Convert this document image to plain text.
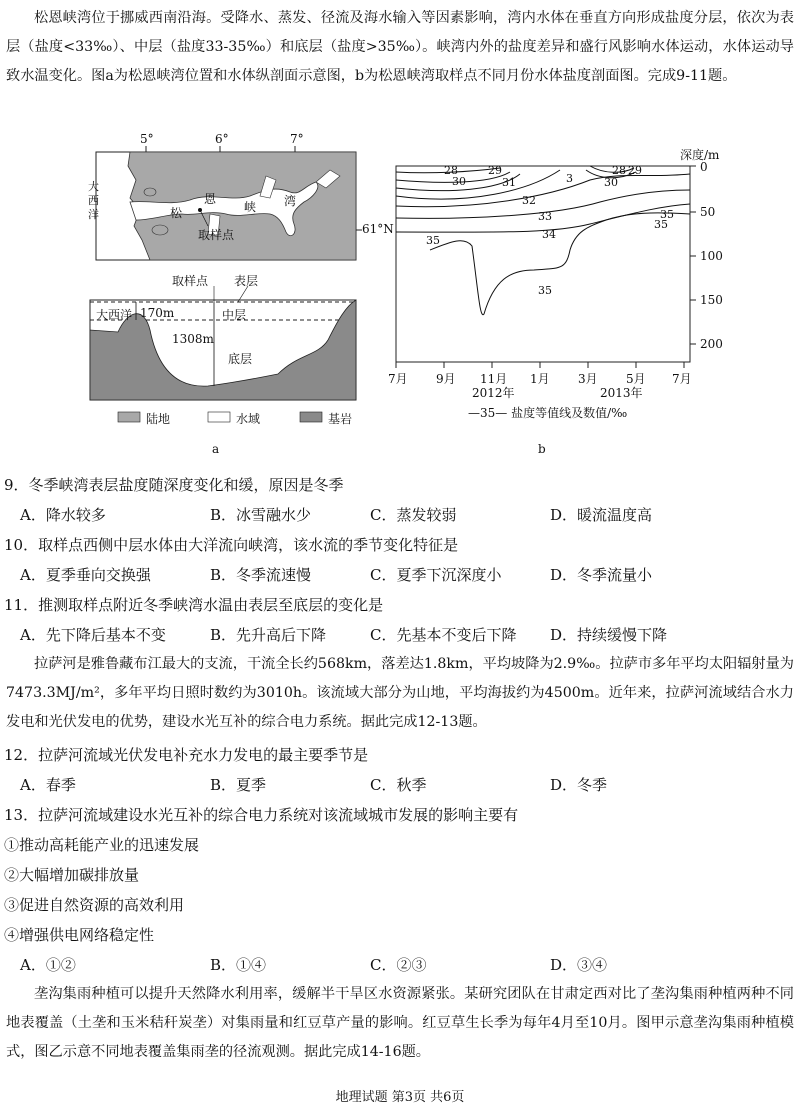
松恩峡湾位于挪威西南沿海。受降水、蒸发、径流及海水输入等因素影响，湾内水体在垂直方向形成盐度分层，依次为表层（盐度<33‰）、中层（盐度33-35‰）和底层（盐度>35‰）。峡湾内外的盐度差异和盛行风影响水体运动，水体运动导致水温变化。图a为松恩峡湾位置和水体纵剖面示意图，b为松恩峡湾取样点不同月份水体盐度剖面图。完成9-11题。

5°	6°	7°
61°N
大西洋	松
恩
峡 湾
取样点
取样点 表层
大西洋 170m	中层
1308m
底层
陆地	水域	基岩
a
深度/m
0
50
100
150
200
28	29
30	31
32
33
34
35
35
35
28 29
30
3
35
7月 9月 11月 1月 3月 5月 7月
2012年	2013年
—35— 盐度等值线及数值/‰
b

9．冬季峡湾表层盐度随深度变化和缓，原因是冬季

A．降水较多	B．冰雪融水少	C．蒸发较弱	D．暖流温度高

10．取样点西侧中层水体由大洋流向峡湾，该水流的季节变化特征是

A．夏季垂向交换强	B．冬季流速慢	C．夏季下沉深度小	D．冬季流量小

11．推测取样点附近冬季峡湾水温由表层至底层的变化是

A．先下降后基本不变	B．先升高后下降	C．先基本不变后下降 D．持续缓慢下降

拉萨河是雅鲁藏布江最大的支流，干流全长约568km，落差达1.8km，平均坡降为2.9‰。拉萨市多年平均太阳辐射量为7473.3MJ/m²，多年平均日照时数约为3010h。该流域大部分为山地，平均海拔约为4500m。近年来，拉萨河流域结合水力发电和光伏发电的优势，建设水光互补的综合电力系统。据此完成12-13题。

12．拉萨河流域光伏发电补充水力发电的最主要季节是

A．春季	B．夏季	C．秋季	D．冬季

13．拉萨河流域建设水光互补的综合电力系统对该流域城市发展的影响主要有

①推动高耗能产业的迅速发展

②大幅增加碳排放量

③促进自然资源的高效利用

④增强供电网络稳定性

A．①②	B．①④	C．②③	D．③④

垄沟集雨种植可以提升天然降水利用率，缓解半干旱区水资源紧张。某研究团队在甘肃定西对比了垄沟集雨种植两种不同地表覆盖（土垄和玉米秸秆炭垄）对集雨量和红豆草产量的影响。红豆草生长季为每年4月至10月。图甲示意垄沟集雨种植模式，图乙示意不同地表覆盖集雨垄的径流观测。据此完成14-16题。

地理试题 第3页 共6页
